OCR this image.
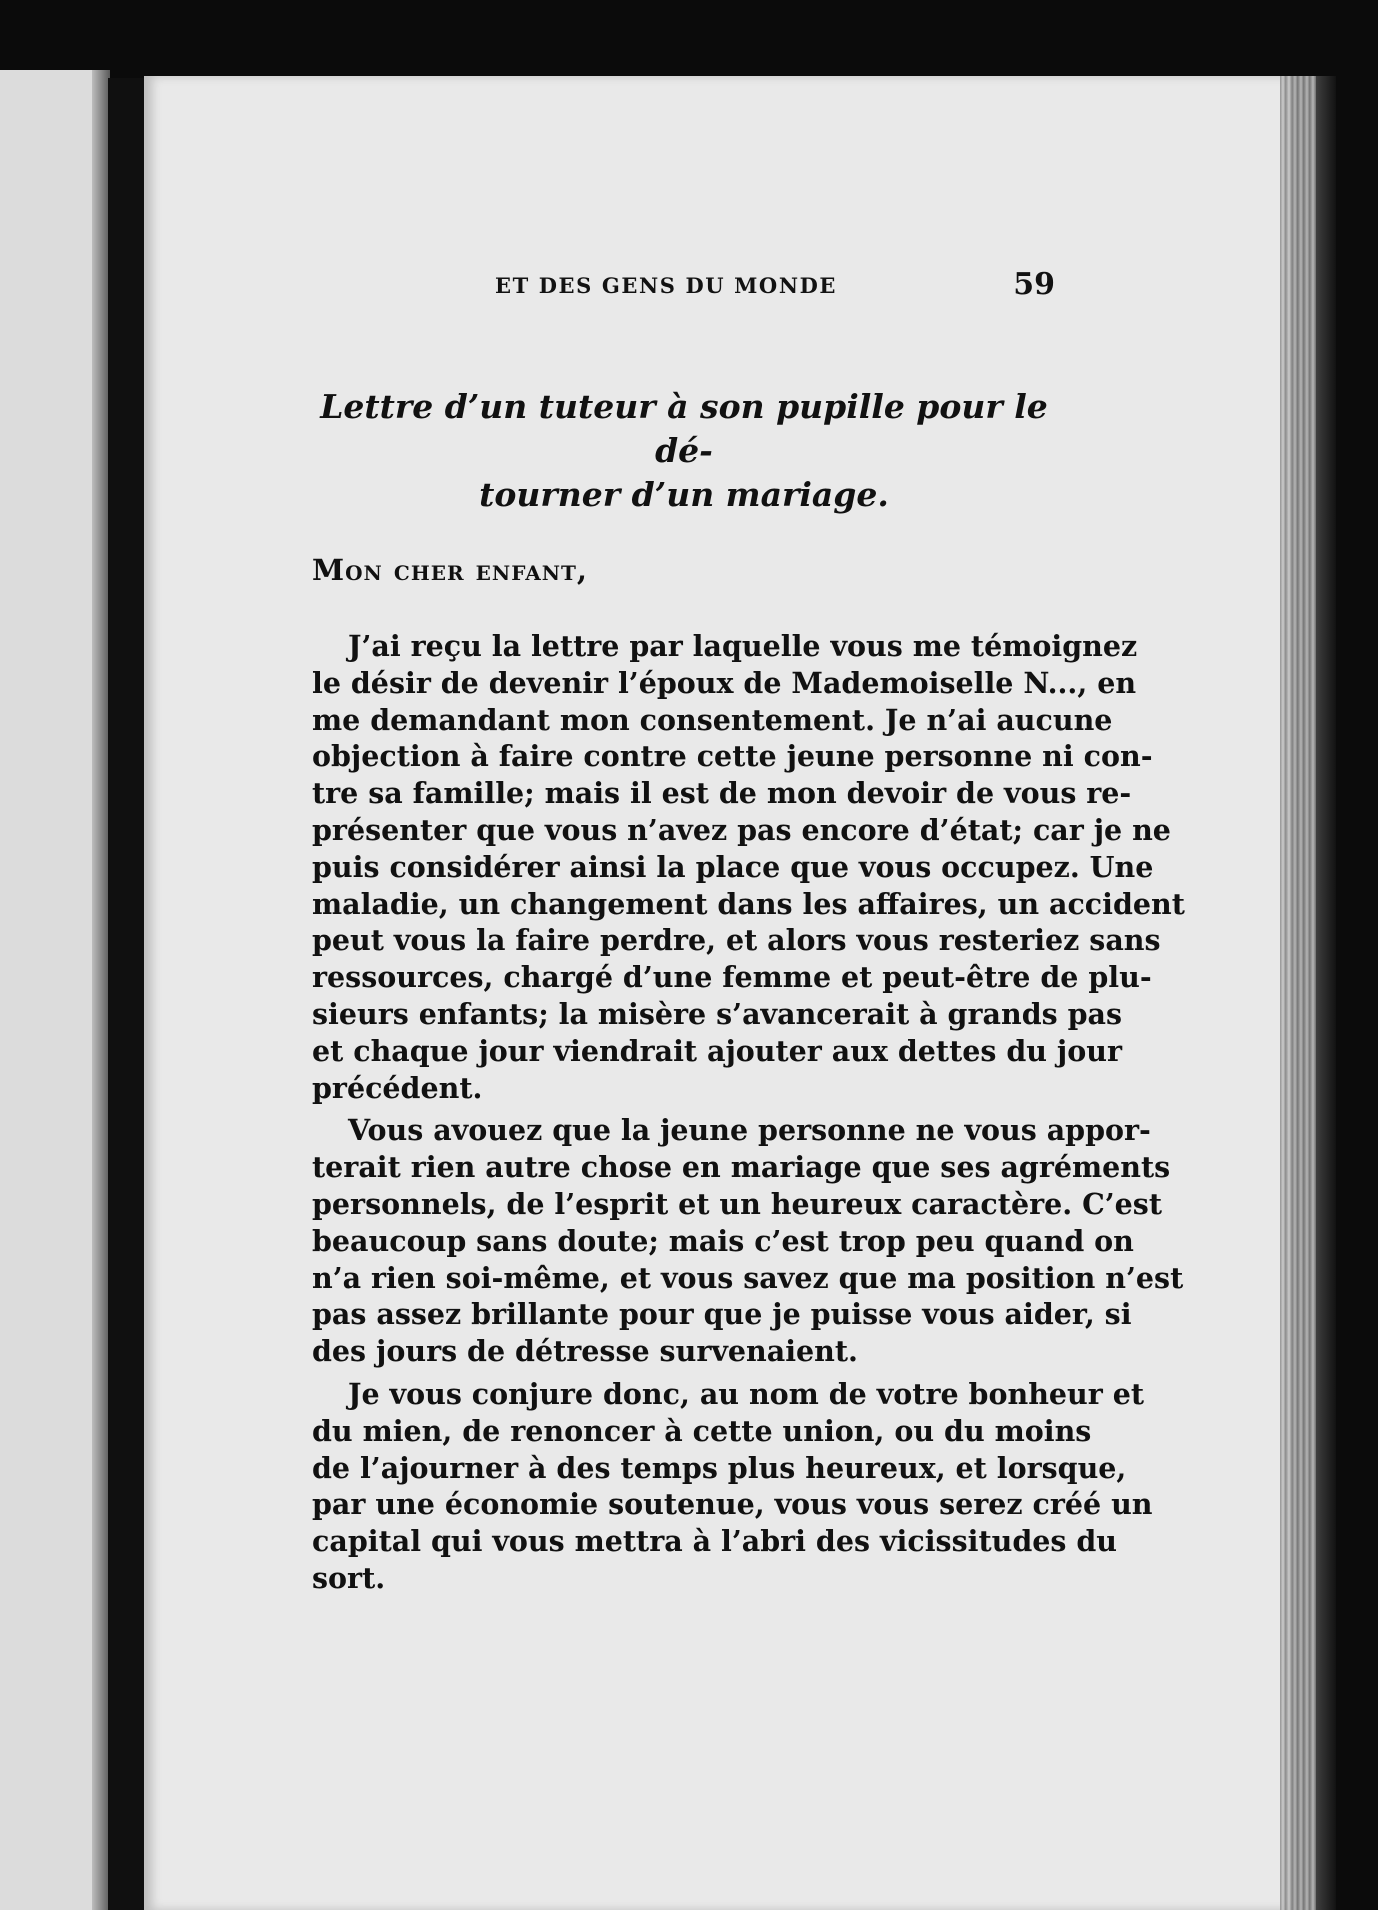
ET DES GENS DU MONDE	59
Lettre d’un tuteur à son pupille pour le dé-
tourner d’un mariage.
Mon cher enfant,
J’ai reçu la lettre par laquelle vous me témoignez
le désir de devenir l’époux de Mademoiselle N..., en
me demandant mon consentement. Je n’ai aucune
objection à faire contre cette jeune personne ni con-
tre sa famille; mais il est de mon devoir de vous re-
présenter que vous n’avez pas encore d’état; car je ne
puis considérer ainsi la place que vous occupez. Une
maladie, un changement dans les affaires, un accident
peut vous la faire perdre, et alors vous resteriez sans
ressources, chargé d’une femme et peut-être de plu-
sieurs enfants; la misère s’avancerait à grands pas
et chaque jour viendrait ajouter aux dettes du jour
précédent.
Vous avouez que la jeune personne ne vous appor-
terait rien autre chose en mariage que ses agréments
personnels, de l’esprit et un heureux caractère. C’est
beaucoup sans doute; mais c’est trop peu quand on
n’a rien soi-même, et vous savez que ma position n’est
pas assez brillante pour que je puisse vous aider, si
des jours de détresse survenaient.
Je vous conjure donc, au nom de votre bonheur et
du mien, de renoncer à cette union, ou du moins
de l’ajourner à des temps plus heureux, et lorsque,
par une économie soutenue, vous vous serez créé un
capital qui vous mettra à l’abri des vicissitudes du
sort.
